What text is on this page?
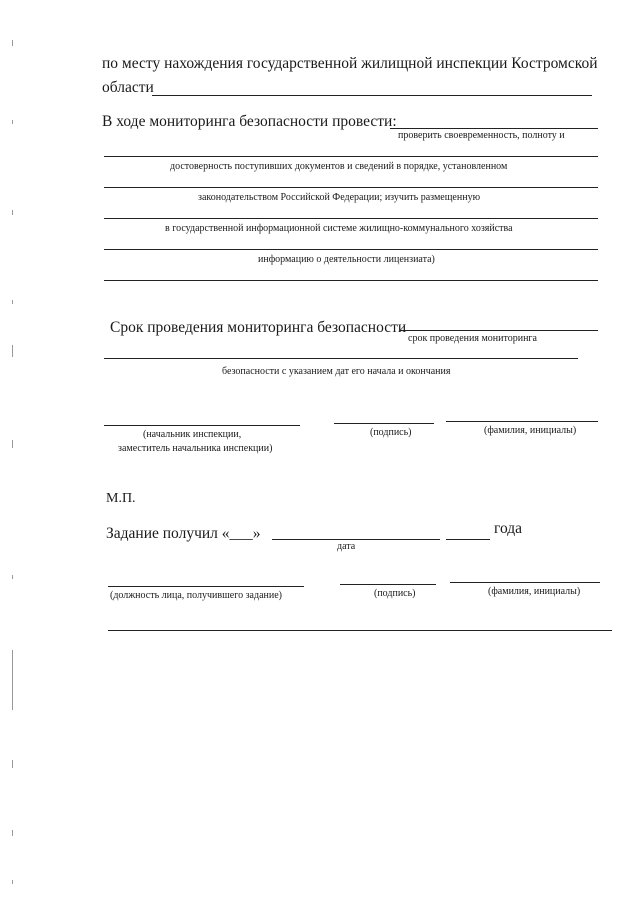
по месту нахождения государственной жилищной инспекции Костромской
области
В ходе мониторинга безопасности провести:
проверить своевременность, полноту и
достоверность поступивших документов и сведений в порядке, установленном
законодательством Российской Федерации; изучить размещенную
в государственной информационной системе жилищно-коммунального хозяйства
информацию о деятельности лицензиата)
Срок проведения мониторинга безопасности
срок проведения мониторинга
безопасности с указанием дат его начала и окончания
(начальник инспекции,
заместитель начальника инспекции)
(подпись)	(фамилия, инициалы)
М.П.
Задание получил «___»	года
дата
(должность лица, получившего задание)	(подпись)	(фамилия, инициалы)
